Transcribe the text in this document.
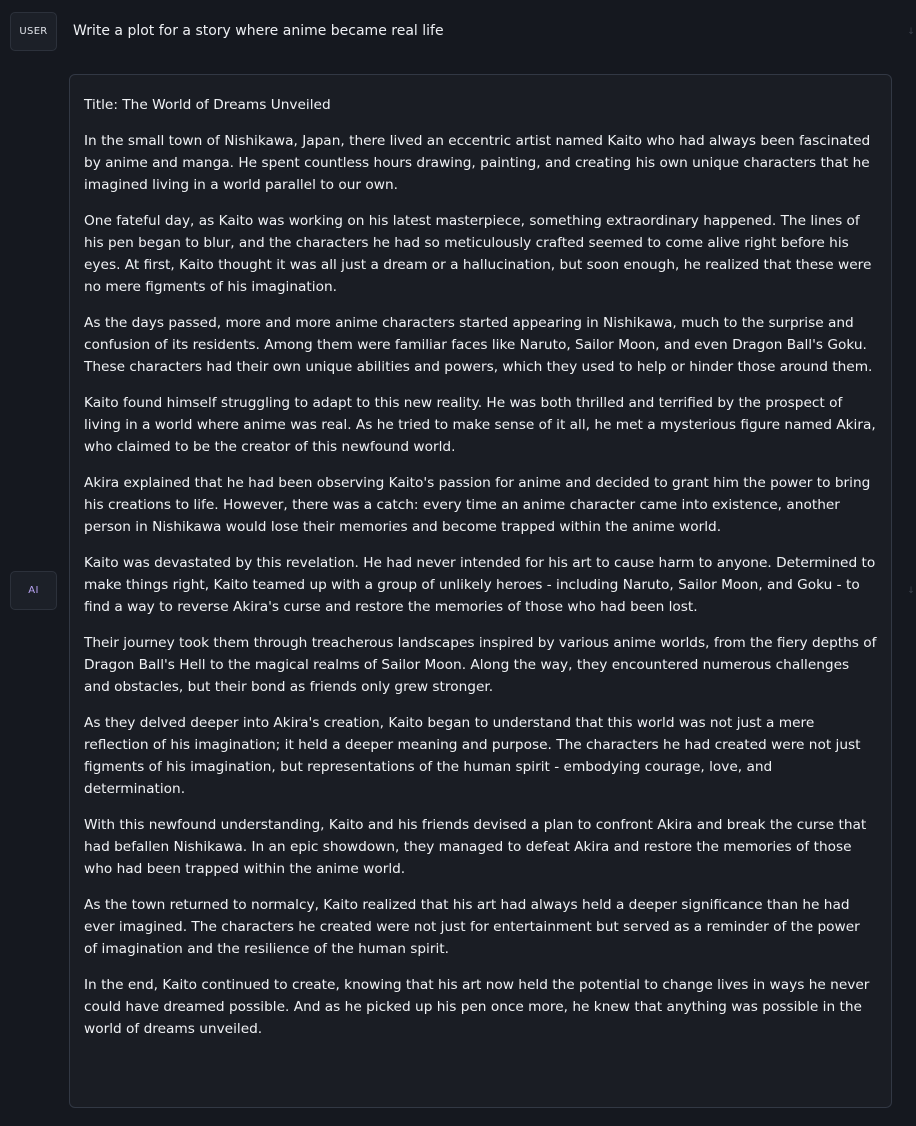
USER	Write a plot for a story where anime became real life	↓
AI

Title: The World of Dreams Unveiled

In the small town of Nishikawa, Japan, there lived an eccentric artist named Kaito who had always been fascinated by anime and manga. He spent countless hours drawing, painting, and creating his own unique characters that he imagined living in a world parallel to our own.

One fateful day, as Kaito was working on his latest masterpiece, something extraordinary happened. The lines of his pen began to blur, and the characters he had so meticulously crafted seemed to come alive right before his eyes. At first, Kaito thought it was all just a dream or a hallucination, but soon enough, he realized that these were no mere figments of his imagination.

As the days passed, more and more anime characters started appearing in Nishikawa, much to the surprise and confusion of its residents. Among them were familiar faces like Naruto, Sailor Moon, and even Dragon Ball's Goku. These characters had their own unique abilities and powers, which they used to help or hinder those around them.

Kaito found himself struggling to adapt to this new reality. He was both thrilled and terrified by the prospect of living in a world where anime was real. As he tried to make sense of it all, he met a mysterious figure named Akira, who claimed to be the creator of this newfound world.

Akira explained that he had been observing Kaito's passion for anime and decided to grant him the power to bring his creations to life. However, there was a catch: every time an anime character came into existence, another person in Nishikawa would lose their memories and become trapped within the anime world.

Kaito was devastated by this revelation. He had never intended for his art to cause harm to anyone. Determined to make things right, Kaito teamed up with a group of unlikely heroes - including Naruto, Sailor Moon, and Goku - to find a way to reverse Akira's curse and restore the memories of those who had been lost.

Their journey took them through treacherous landscapes inspired by various anime worlds, from the fiery depths of Dragon Ball's Hell to the magical realms of Sailor Moon. Along the way, they encountered numerous challenges and obstacles, but their bond as friends only grew stronger.

As they delved deeper into Akira's creation, Kaito began to understand that this world was not just a mere reflection of his imagination; it held a deeper meaning and purpose. The characters he had created were not just figments of his imagination, but representations of the human spirit - embodying courage, love, and determination.

With this newfound understanding, Kaito and his friends devised a plan to confront Akira and break the curse that had befallen Nishikawa. In an epic showdown, they managed to defeat Akira and restore the memories of those who had been trapped within the anime world.

As the town returned to normalcy, Kaito realized that his art had always held a deeper significance than he had ever imagined. The characters he created were not just for entertainment but served as a reminder of the power of imagination and the resilience of the human spirit.

In the end, Kaito continued to create, knowing that his art now held the potential to change lives in ways he never could have dreamed possible. And as he picked up his pen once more, he knew that anything was possible in the world of dreams unveiled.

↓
